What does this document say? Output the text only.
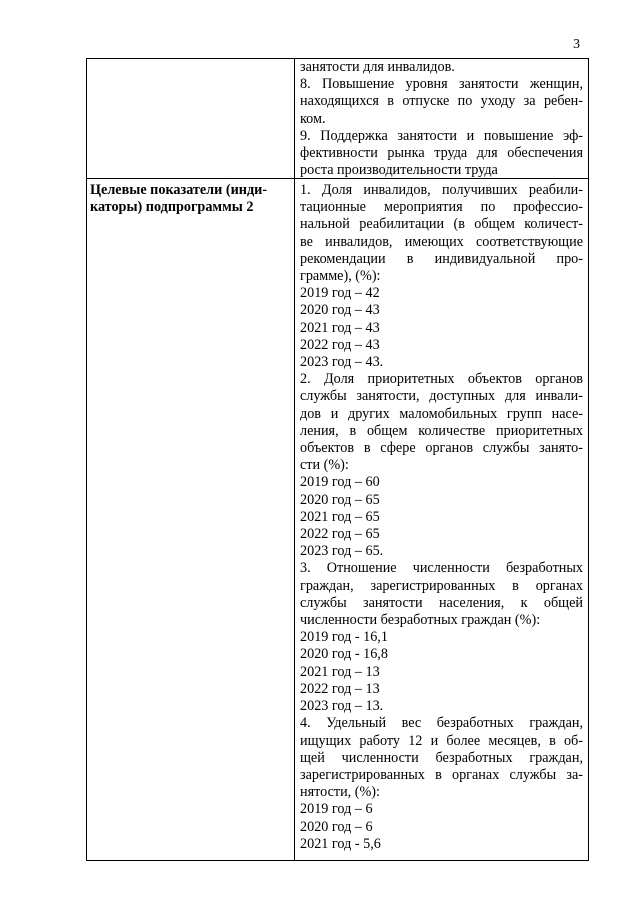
3
занятости для инвалидов.
8. Повышение уровня занятости женщин,
находящихся в отпуске по уходу за ребен-
ком.
9. Поддержка занятости и повышение эф-
фективности рынка труда для обеспечения
роста производительности труда
Целевые показатели (инди-
каторы) подпрограммы 2
1. Доля инвалидов, получивших реабили-
тационные мероприятия по профессио-
нальной реабилитации (в общем количест-
ве инвалидов, имеющих соответствующие
рекомендации в индивидуальной про-
грамме), (%):
2019 год – 42
2020 год – 43
2021 год – 43
2022 год – 43
2023 год – 43.
2. Доля приоритетных объектов органов
службы занятости, доступных для инвали-
дов и других маломобильных групп насе-
ления, в общем количестве приоритетных
объектов в сфере органов службы занято-
сти (%):
2019 год – 60
2020 год – 65
2021 год – 65
2022 год – 65
2023 год – 65.
3. Отношение численности безработных
граждан, зарегистрированных в органах
службы занятости населения, к общей
численности безработных граждан (%):
2019 год - 16,1
2020 год - 16,8
2021 год – 13
2022 год – 13
2023 год – 13.
4. Удельный вес безработных граждан,
ищущих работу 12 и более месяцев, в об-
щей численности безработных граждан,
зарегистрированных в органах службы за-
нятости, (%):
2019 год – 6
2020 год – 6
2021 год - 5,6
